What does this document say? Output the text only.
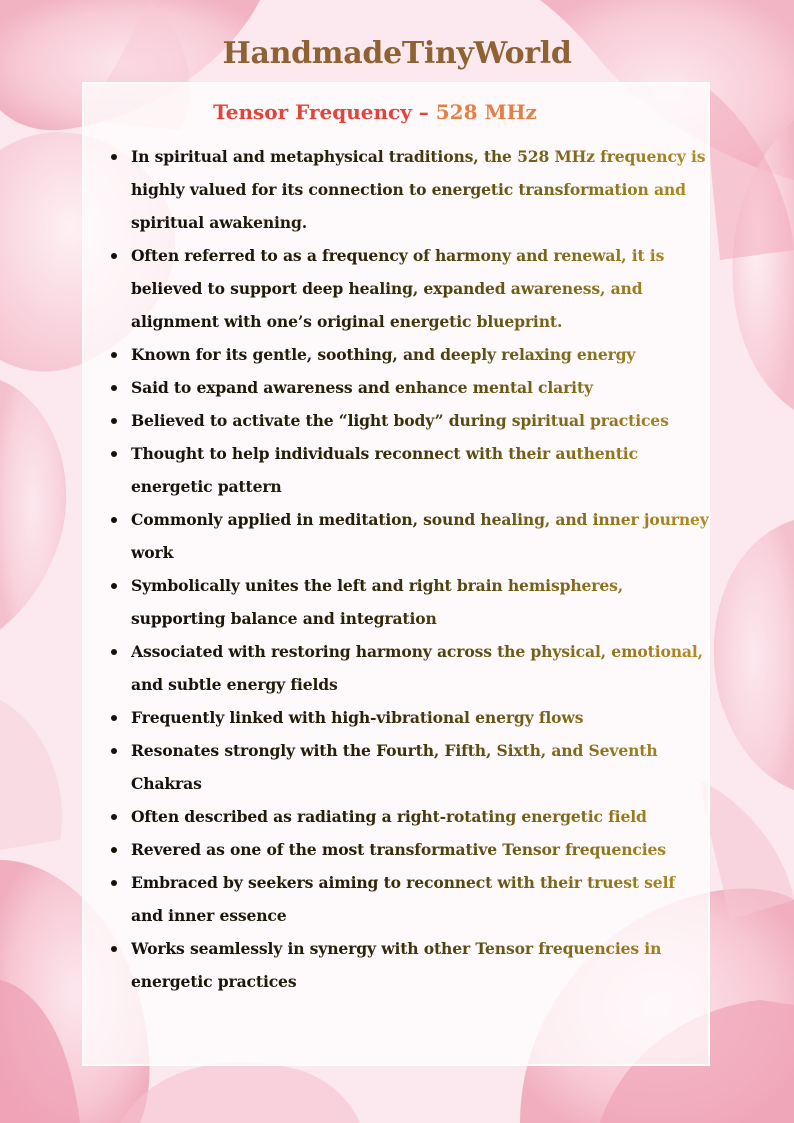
HandmadeTinyWorld
Tensor Frequency – 528 MHz
In spiritual and metaphysical traditions, the 528 MHz frequency is highly valued for its connection to energetic transformation and spiritual awakening.
Often referred to as a frequency of harmony and renewal, it is believed to support deep healing, expanded awareness, and alignment with one’s original energetic blueprint.
Known for its gentle, soothing, and deeply relaxing energy
Said to expand awareness and enhance mental clarity
Believed to activate the “light body” during spiritual practices
Thought to help individuals reconnect with their authentic energetic pattern
Commonly applied in meditation, sound healing, and inner journey work
Symbolically unites the left and right brain hemispheres, supporting balance and integration
Associated with restoring harmony across the physical, emotional, and subtle energy fields
Frequently linked with high-vibrational energy flows
Resonates strongly with the Fourth, Fifth, Sixth, and Seventh Chakras
Often described as radiating a right-rotating energetic field
Revered as one of the most transformative Tensor frequencies
Embraced by seekers aiming to reconnect with their truest self and inner essence
Works seamlessly in synergy with other Tensor frequencies in energetic practices
